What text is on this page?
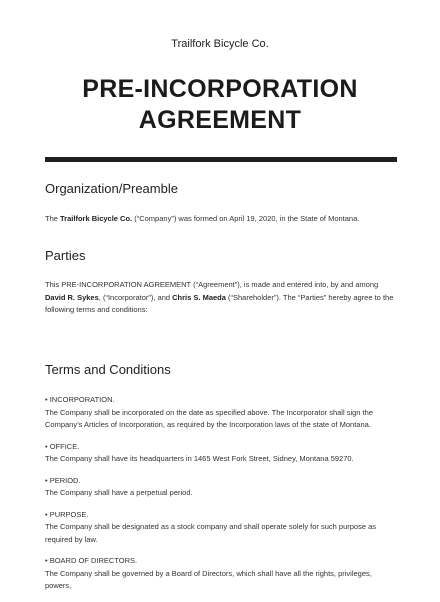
Trailfork Bicycle Co.
PRE-INCORPORATION
AGREEMENT
Organization/Preamble
The Trailfork Bicycle Co. (“Company”) was formed on April 19, 2020, in the State of Montana.
Parties
This PRE-INCORPORATION AGREEMENT (“Agreement”), is made and entered into, by and among
David R. Sykes, (“Incorporator”), and Chris S. Maeda (“Shareholder”). The “Parties” hereby agree to the following terms and conditions:
Terms and Conditions
• INCORPORATION.
The Company shall be incorporated on the date as specified above. The Incorporator shall sign the Company’s Articles of Incorporation, as required by the Incorporation laws of the state of Montana.
• OFFICE.
The Company shall have its headquarters in 1465 West Fork Street, Sidney, Montana 59270.
• PERIOD.
The Company shall have a perpetual period.
• PURPOSE.
The Company shall be designated as a stock company and shall operate solely for such purpose as required by law.
• BOARD OF DIRECTORS.
The Company shall be governed by a Board of Directors, which shall have all the rights, privileges, powers,
